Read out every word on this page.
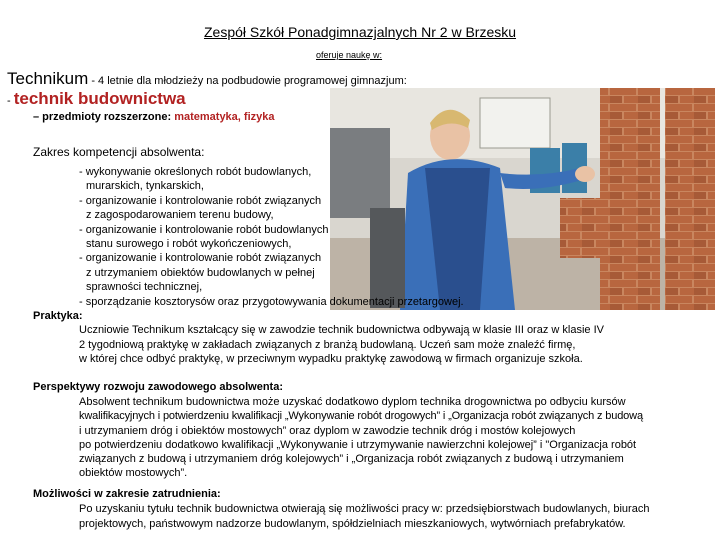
Zespół Szkół Ponadgimnazjalnych Nr 2 w Brzesku
oferuje naukę w:
Technikum - 4 letnie dla młodzieży na podbudowie programowej gimnazjum:
- technik budownictwa
– przedmioty rozszerzone: matematyka, fizyka
Zakres kompetencji absolwenta:
- wykonywanie określonych robót budowlanych,
murarskich, tynkarskich,
- organizowanie i kontrolowanie robót związanych
z zagospodarowaniem terenu budowy,
- organizowanie i kontrolowanie robót budowlanych
stanu surowego i robót wykończeniowych,
- organizowanie i kontrolowanie robót związanych
z utrzymaniem obiektów budowlanych w pełnej
sprawności technicznej,
- sporządzanie kosztorysów oraz przygotowywania dokumentacji przetargowej.
Praktyka:
Uczniowie Technikum kształcący się w zawodzie technik budownictwa odbywają w klasie III oraz w klasie IV
2 tygodniową praktykę w zakładach związanych z branżą budowlaną. Uczeń sam może znaleźć firmę,
w której chce odbyć praktykę, w przeciwnym wypadku praktykę zawodową w firmach organizuje szkoła.
Perspektywy rozwoju zawodowego absolwenta:
Absolwent technikum budownictwa może uzyskać dodatkowo dyplom technika drogownictwa po odbyciu kursów
kwalifikacyjnych i potwierdzeniu kwalifikacji „Wykonywanie robót drogowych” i „Organizacja robót związanych z budową
i utrzymaniem dróg i obiektów mostowych” oraz dyplom w zawodzie technik dróg i mostów kolejowych
po potwierdzeniu dodatkowo kwalifikacji „Wykonywanie i utrzymywanie nawierzchni kolejowej” i "Organizacja robót
związanych z budową i utrzymaniem dróg kolejowych” i „Organizacja robót związanych z budową i utrzymaniem
obiektów mostowych”.
Możliwości w zakresie zatrudnienia:
Po uzyskaniu tytułu technik budownictwa otwierają się możliwości pracy w: przedsiębiorstwach budowlanych, biurach
projektowych, państwowym nadzorze budowlanym, spółdzielniach mieszkaniowych, wytwórniach prefabrykatów.
